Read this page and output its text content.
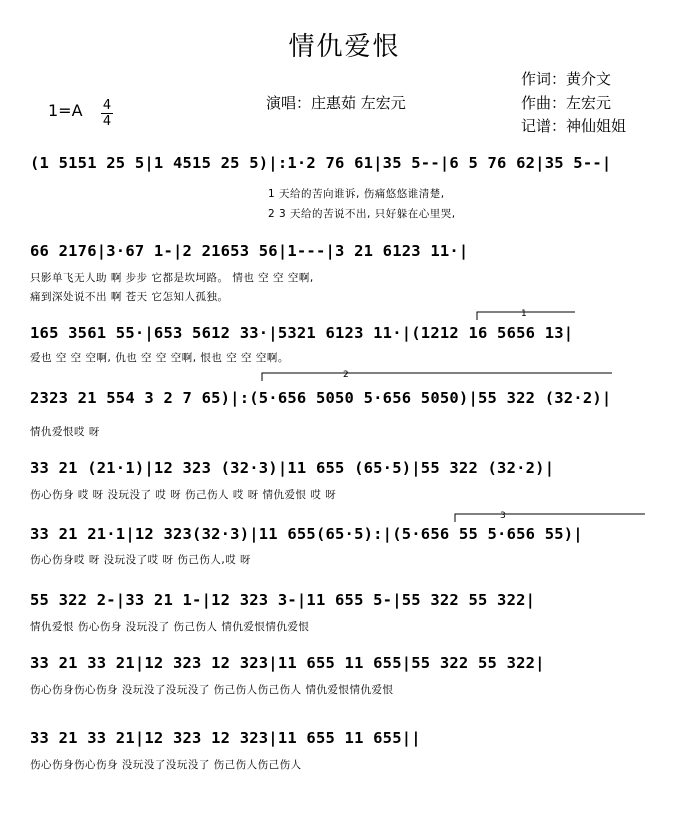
情仇爱恨
作词：黄介文
作曲：左宏元
记谱：神仙姐姐
演唱：庄惠茹 左宏元
1=A 4
4
(1 5151 25 5|1 4515 25 5)|:1·2 76 61|35 5--|6 5 76 62|35 5--|
1 天给的苦向谁诉, 伤痛悠悠谁清楚,
2 3 天给的苦说不出, 只好躲在心里哭,
66 2176|3·67 1-|2 21653 56|1---|3 21 6123 11·|
只影单飞无人助 啊 步步 它都是坎坷路。 情也 空 空 空啊,
痛到深处说不出 啊 苍天 它怎知人孤独。
165 3561 55·|653 5612 33·|5321 6123 11·|(1212 16 5656 13|
爱也 空 空 空啊, 仇也 空 空 空啊, 恨也 空 空 空啊。
2323 21 554 3 2 7 65)|:(5·656 5050 5·656 5050)|55 322 (32·2)|
情仇爱恨哎 呀
33 21 (21·1)|12 323 (32·3)|11 655 (65·5)|55 322 (32·2)|
伤心伤身 哎 呀 没玩没了 哎 呀 伤己伤人 哎 呀 情仇爱恨 哎 呀
33 21 21·1|12 323(32·3)|11 655(65·5):|(5·656 55 5·656 55)|
伤心伤身哎 呀 没玩没了哎 呀 伤己伤人,哎 呀
55 322 2-|33 21 1-|12 323 3-|11 655 5-|55 322 55 322|
情仇爱恨 伤心伤身 没玩没了 伤己伤人 情仇爱恨情仇爱恨
33 21 33 21|12 323 12 323|11 655 11 655|55 322 55 322|
伤心伤身伤心伤身 没玩没了没玩没了 伤己伤人伤己伤人 情仇爱恨情仇爱恨
33 21 33 21|12 323 12 323|11 655 11 655||
伤心伤身伤心伤身 没玩没了没玩没了 伤己伤人伤己伤人
1
2
3
